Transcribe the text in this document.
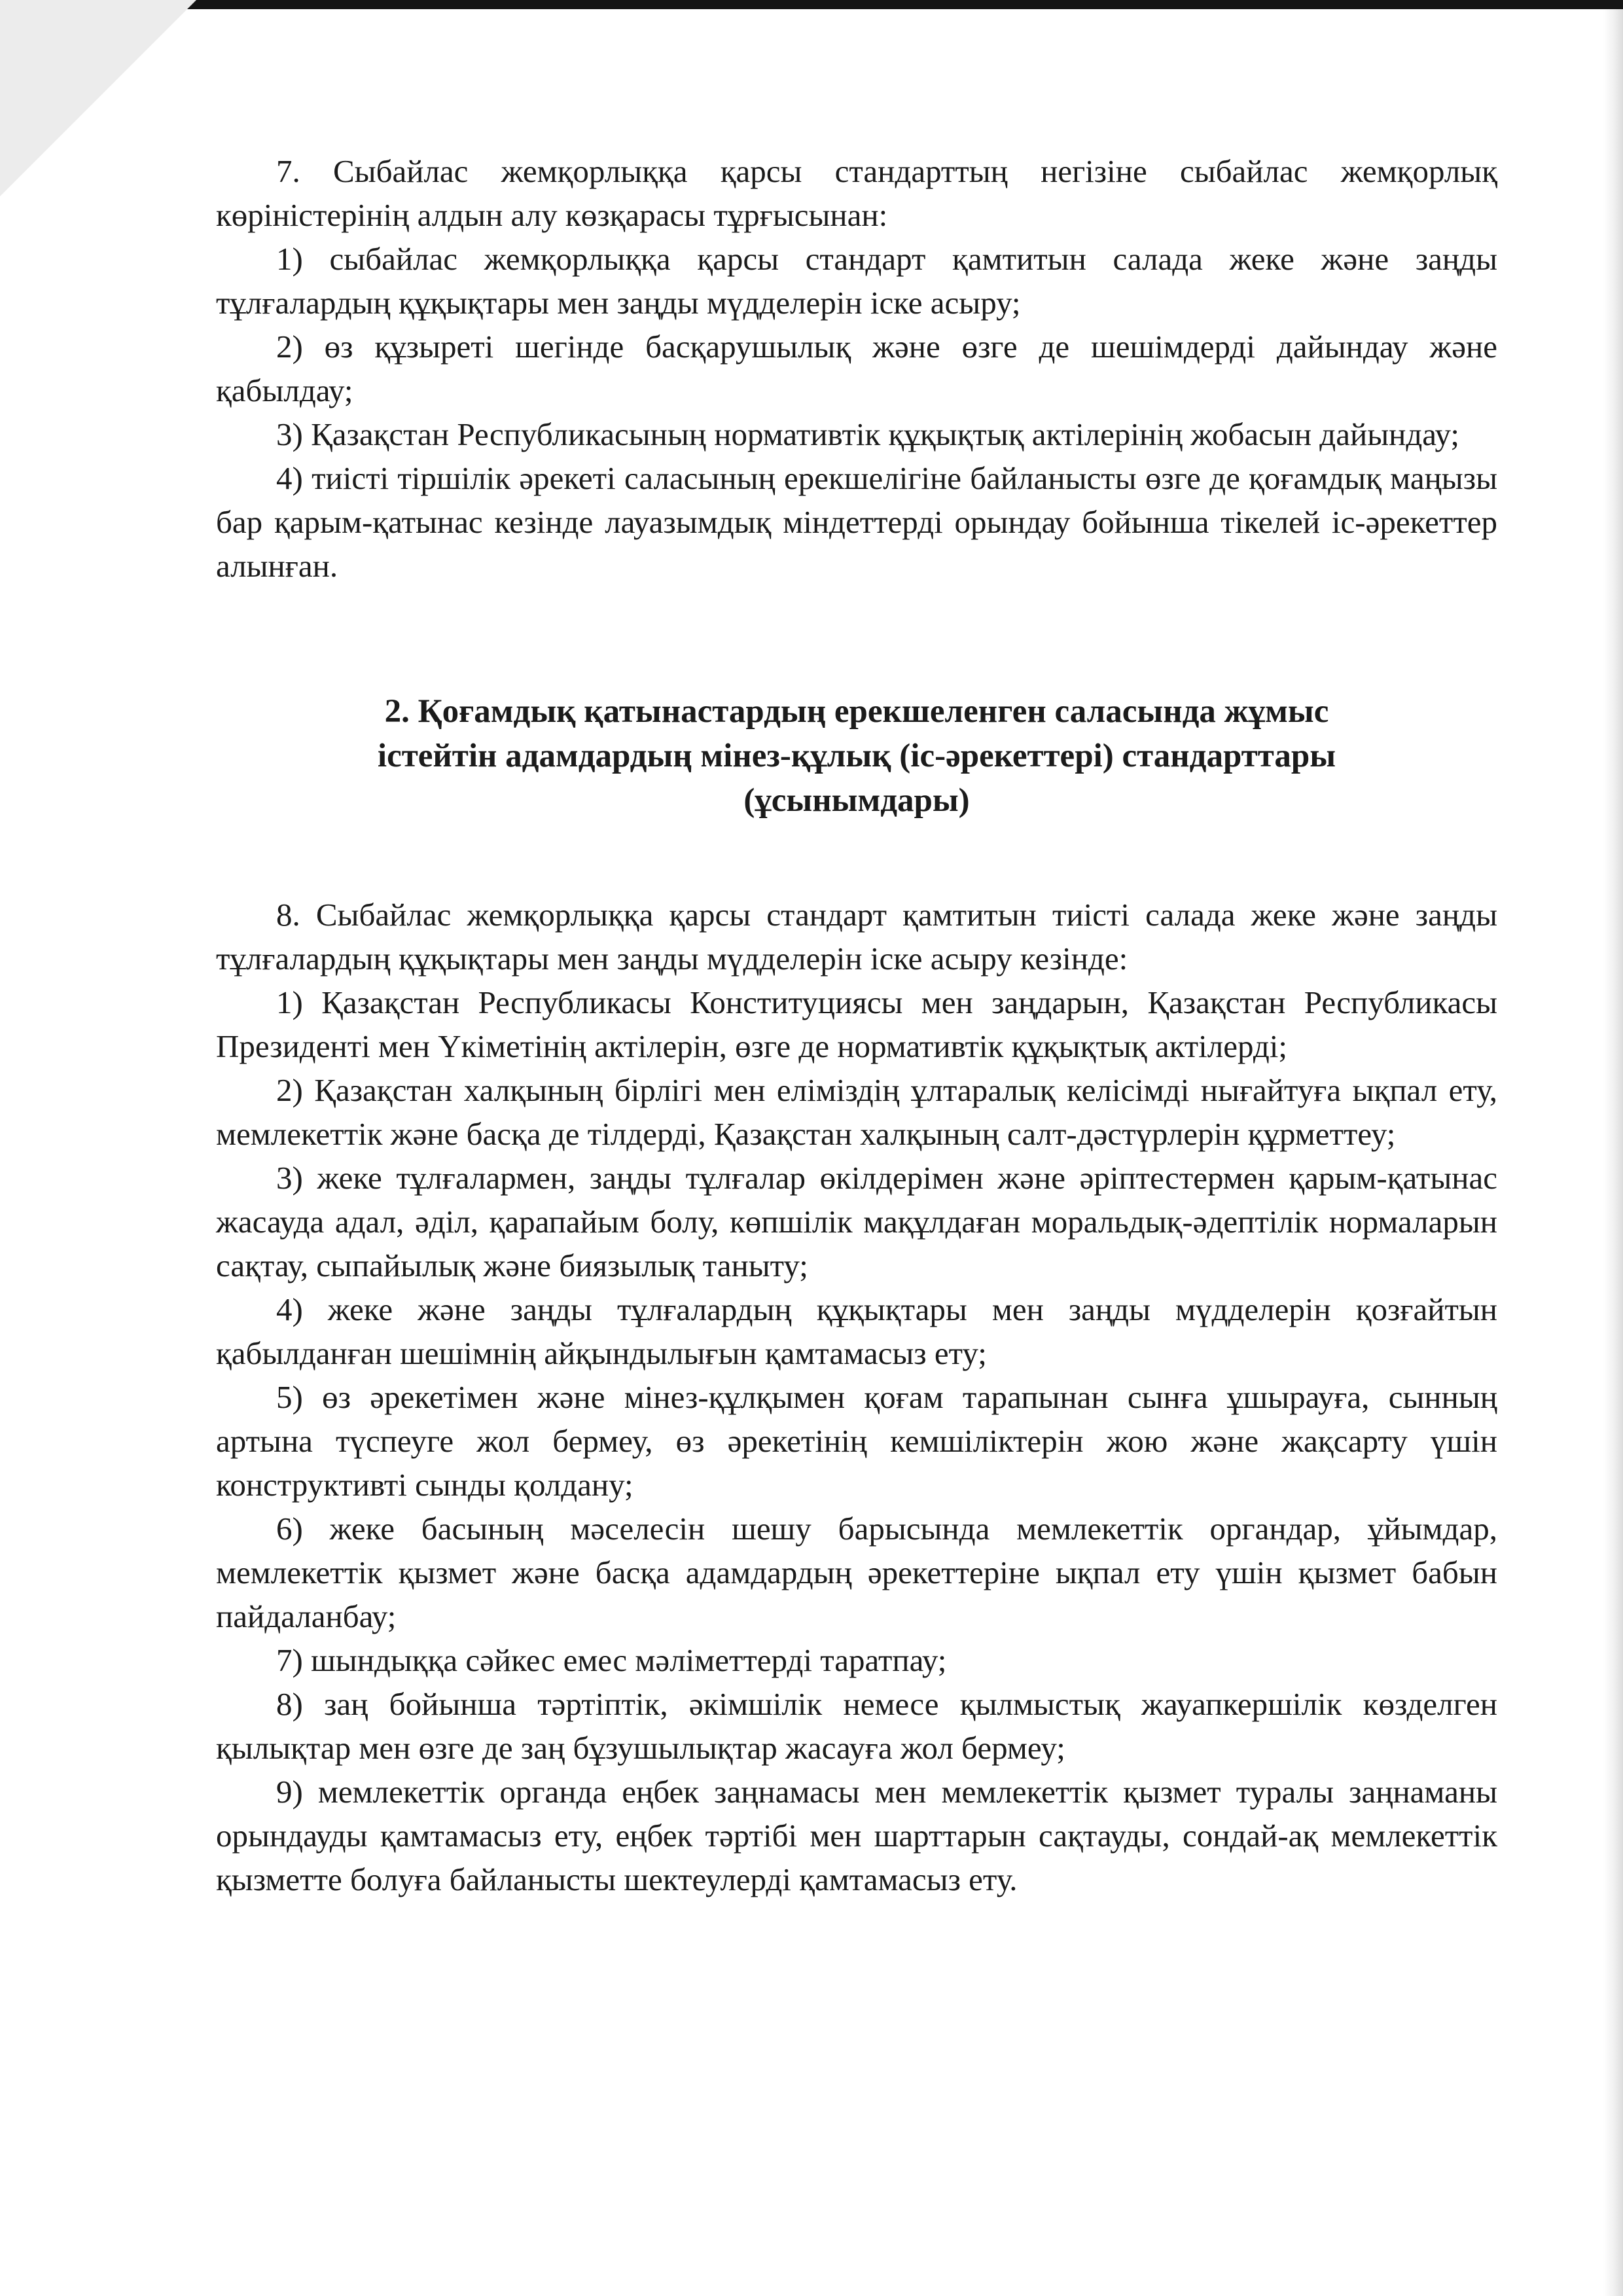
7. Сыбайлас жемқорлыққа қарсы стандарттың негізіне сыбайлас жемқорлық көріністерінің алдын алу көзқарасы тұрғысынан:

1) сыбайлас жемқорлыққа қарсы стандарт қамтитын салада жеке және заңды тұлғалардың құқықтары мен заңды мүдделерін іске асыру;

2) өз құзыреті шегінде басқарушылық және өзге де шешімдерді дайындау және қабылдау;

3) Қазақстан Республикасының нормативтік құқықтық актілерінің жобасын дайындау;

4) тиісті тіршілік әрекеті саласының ерекшелігіне байланысты өзге де қоғамдық маңызы бар қарым-қатынас кезінде лауазымдық міндеттерді орындау бойынша тікелей іс-әрекеттер алынған.

2. Қоғамдық қатынастардың ерекшеленген саласында жұмыс

істейтін адамдардың мінез-құлық (іс-әрекеттері) стандарттары

(ұсынымдары)

8. Сыбайлас жемқорлыққа қарсы стандарт қамтитын тиісті салада жеке және заңды тұлғалардың құқықтары мен заңды мүдделерін іске асыру кезінде:

1) Қазақстан Республикасы Конституциясы мен заңдарын, Қазақстан Республикасы Президенті мен Үкіметінің актілерін, өзге де нормативтік құқықтық актілерді;

2) Қазақстан халқының бірлігі мен еліміздің ұлтаралық келісімді нығайтуға ықпал ету, мемлекеттік және басқа де тілдерді, Қазақстан халқының салт-дәстүрлерін құрметтеу;

3) жеке тұлғалармен, заңды тұлғалар өкілдерімен және әріптестермен қарым-қатынас жасауда адал, әділ, қарапайым болу, көпшілік мақұлдаған моральдық-әдептілік нормаларын сақтау, сыпайылық және биязылық таныту;

4) жеке және заңды тұлғалардың құқықтары мен заңды мүдделерін қозғайтын қабылданған шешімнің айқындылығын қамтамасыз ету;

5) өз әрекетімен және мінез-құлқымен қоғам тарапынан сынға ұшырауға, сынның артына түспеуге жол бермеу, өз әрекетінің кемшіліктерін жою және жақсарту үшін конструктивті сынды қолдану;

6) жеке басының мәселесін шешу барысында мемлекеттік органдар, ұйымдар, мемлекеттік қызмет және басқа адамдардың әрекеттеріне ықпал ету үшін қызмет бабын пайдаланбау;

7) шындыққа сәйкес емес мәліметтерді таратпау;

8) заң бойынша тәртіптік, әкімшілік немесе қылмыстық жауапкершілік көзделген қылықтар мен өзге де заң бұзушылықтар жасауға жол бермеу;

9) мемлекеттік органда еңбек заңнамасы мен мемлекеттік қызмет туралы заңнаманы орындауды қамтамасыз ету, еңбек тәртібі мен шарттарын сақтауды, сондай-ақ мемлекеттік қызметте болуға байланысты шектеулерді қамтамасыз ету.
